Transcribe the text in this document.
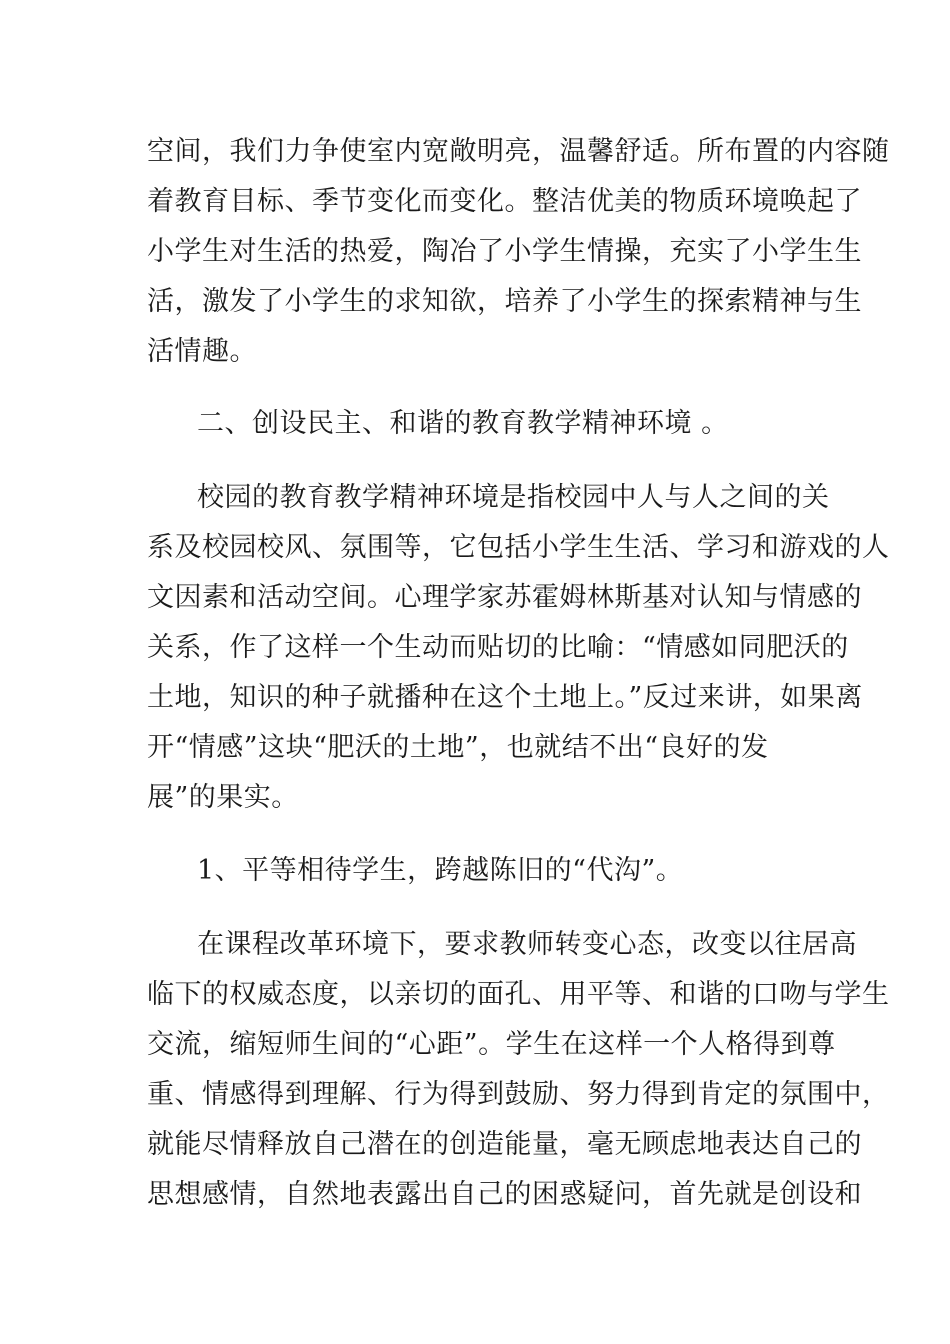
空间，我们力争使室内宽敞明亮，温馨舒适。所布置的内容随
着教育目标、季节变化而变化。整洁优美的物质环境唤起了
小学生对生活的热爱，陶冶了小学生情操，充实了小学生生
活，激发了小学生的求知欲，培养了小学生的探索精神与生
活情趣。
二、创设民主、和谐的教育教学精神环境 。
校园的教育教学精神环境是指校园中人与人之间的关
系及校园校风、氛围等，它包括小学生生活、学习和游戏的人
文因素和活动空间。心理学家苏霍姆林斯基对认知与情感的
关系，作了这样一个生动而贴切的比喻：“情感如同肥沃的
土地，知识的种子就播种在这个土地上。”反过来讲，如果离
开“情感”这块“肥沃的土地”，也就结不出“良好的发
展”的果实。
1、平等相待学生，跨越陈旧的“代沟”。
在课程改革环境下，要求教师转变心态，改变以往居高
临下的权威态度，以亲切的面孔、用平等、和谐的口吻与学生
交流，缩短师生间的“心距”。学生在这样一个人格得到尊
重、情感得到理解、行为得到鼓励、努力得到肯定的氛围中，
就能尽情释放自己潜在的创造能量，毫无顾虑地表达自己的
思想感情，自然地表露出自己的困惑疑问，首先就是创设和
